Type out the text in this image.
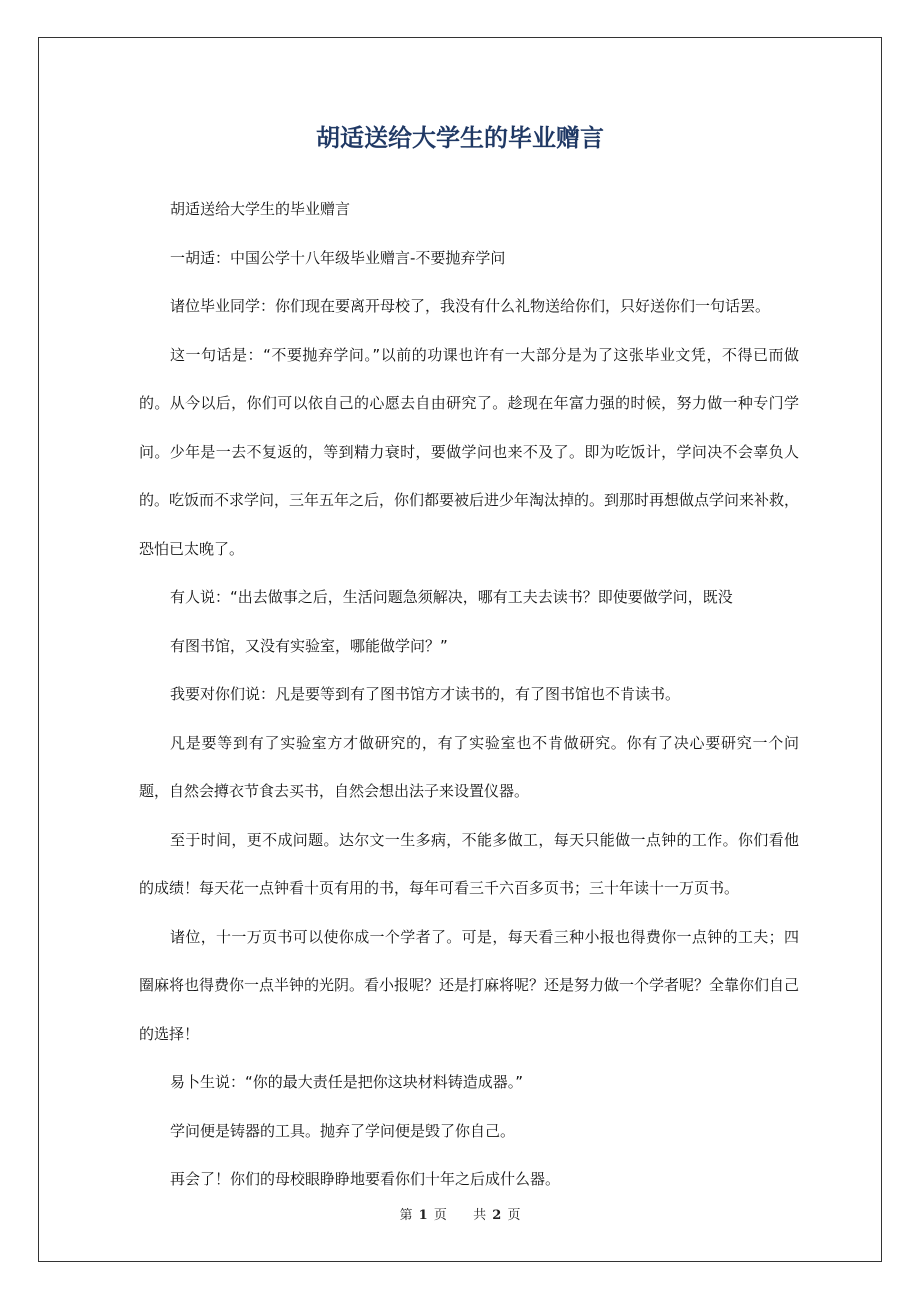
胡适送给大学生的毕业赠言

胡适送给大学生的毕业赠言

一胡适：中国公学十八年级毕业赠言-不要抛弃学问

诸位毕业同学：你们现在要离开母校了，我没有什么礼物送给你们，只好送你们一句话罢。

这一句话是：“不要抛弃学问。”以前的功课也许有一大部分是为了这张毕业文凭，不得已而做的。从今以后，你们可以依自己的心愿去自由研究了。趁现在年富力强的时候，努力做一种专门学问。少年是一去不复返的，等到精力衰时，要做学问也来不及了。即为吃饭计，学问决不会辜负人的。吃饭而不求学问，三年五年之后，你们都要被后进少年淘汰掉的。到那时再想做点学问来补救，恐怕已太晚了。

有人说：“出去做事之后，生活问题急须解决，哪有工夫去读书？即使要做学问，既没

有图书馆，又没有实验室，哪能做学问？”

我要对你们说：凡是要等到有了图书馆方才读书的，有了图书馆也不肯读书。

凡是要等到有了实验室方才做研究的，有了实验室也不肯做研究。你有了决心要研究一个问题，自然会撙衣节食去买书，自然会想出法子来设置仪器。

至于时间，更不成问题。达尔文一生多病，不能多做工，每天只能做一点钟的工作。你们看他的成绩！每天花一点钟看十页有用的书，每年可看三千六百多页书；三十年读十一万页书。

诸位，十一万页书可以使你成一个学者了。可是，每天看三种小报也得费你一点钟的工夫；四圈麻将也得费你一点半钟的光阴。看小报呢？还是打麻将呢？还是努力做一个学者呢？全靠你们自己的选择！

易卜生说：“你的最大责任是把你这块材料铸造成器。”

学问便是铸器的工具。抛弃了学问便是毁了你自己。

再会了！你们的母校眼睁睁地要看你们十年之后成什么器。

第 1 页 共 2 页
